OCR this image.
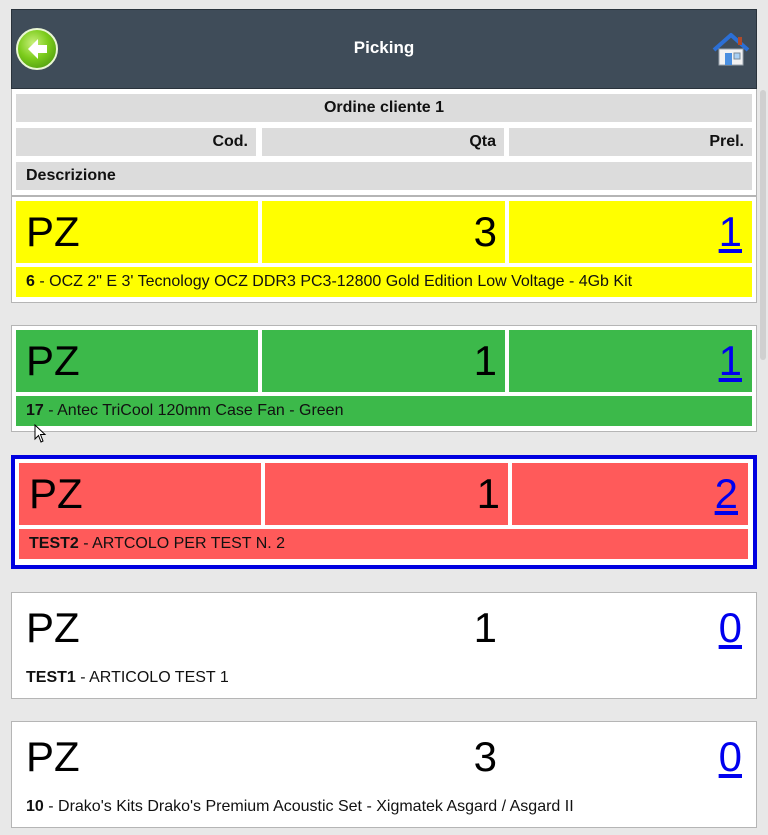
Picking
Ordine cliente 1
Cod.	Qta	Prel.
Descrizione
PZ	3	1
6 - OCZ 2" E 3' Tecnology OCZ DDR3 PC3-12800 Gold Edition Low Voltage - 4Gb Kit
PZ	1	1
17 - Antec TriCool 120mm Case Fan - Green
PZ	1	2
TEST2 - ARTCOLO PER TEST N. 2
PZ	1	0
TEST1 - ARTICOLO TEST 1
PZ	3	0
10 - Drako's Kits Drako's Premium Acoustic Set - Xigmatek Asgard / Asgard II
